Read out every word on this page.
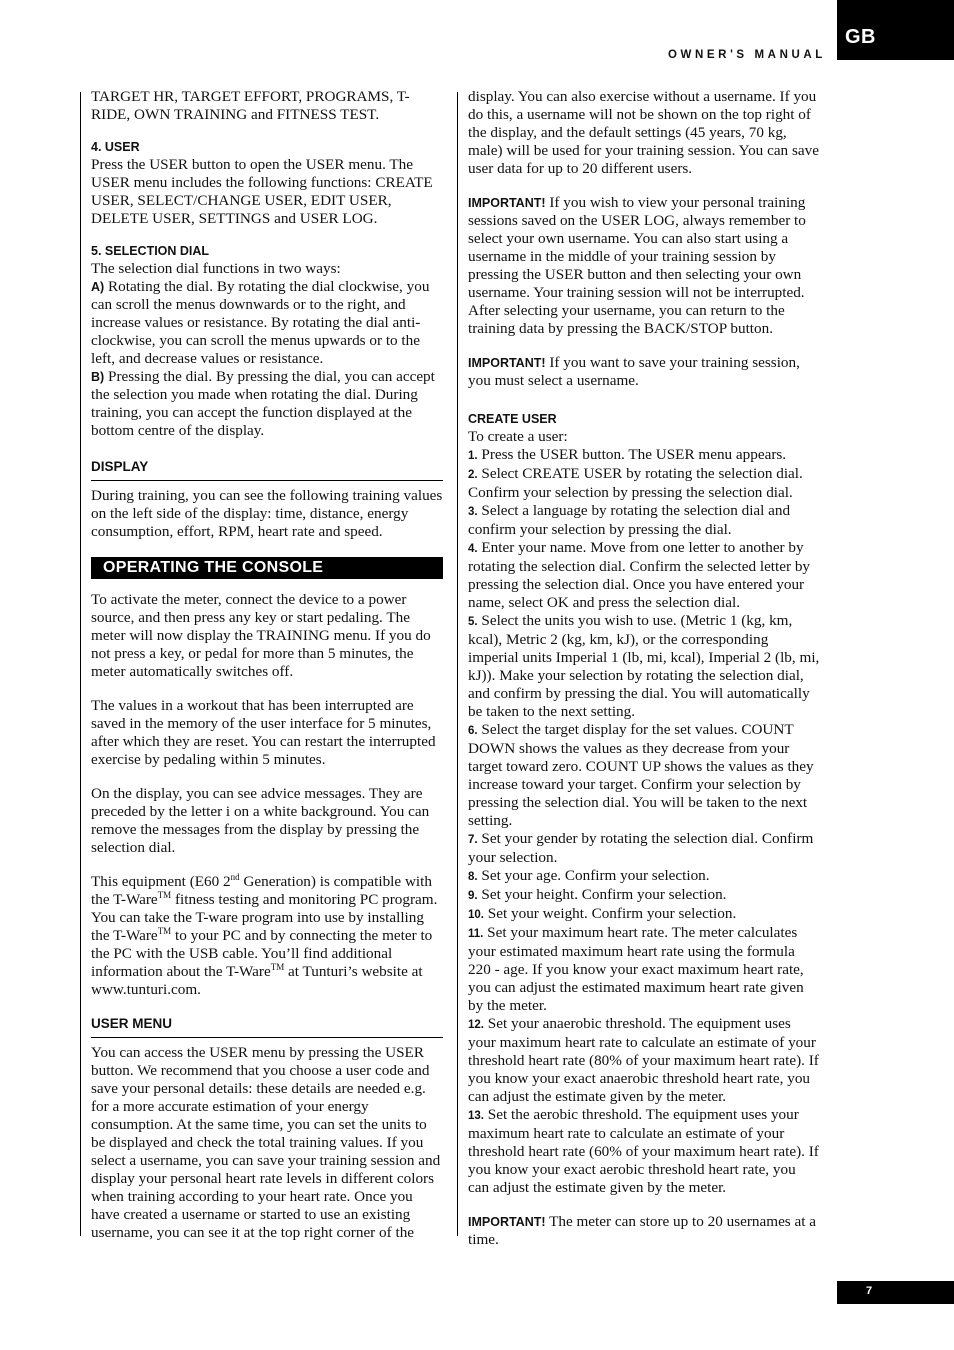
GB
OWNER'S MANUAL

TARGET HR, TARGET EFFORT, PROGRAMS, T-RIDE, OWN TRAINING and FITNESS TEST.

4. USER
Press the USER button to open the USER menu. The USER menu includes the following functions: CREATE USER, SELECT/CHANGE USER, EDIT USER, DELETE USER, SETTINGS and USER LOG.

5. SELECTION DIAL
The selection dial functions in two ways:
A) Rotating the dial. By rotating the dial clockwise, you can scroll the menus downwards or to the right, and increase values or resistance. By rotating the dial anti-clockwise, you can scroll the menus upwards or to the left, and decrease values or resistance.
B) Pressing the dial. By pressing the dial, you can accept the selection you made when rotating the dial. During training, you can accept the function displayed at the bottom centre of the display.

DISPLAY
During training, you can see the following training values on the left side of the display: time, distance, energy consumption, effort, RPM, heart rate and speed.

OPERATING THE CONSOLE
To activate the meter, connect the device to a power source, and then press any key or start pedaling. The meter will now display the TRAINING menu. If you do not press a key, or pedal for more than 5 minutes, the meter automatically switches off.

The values in a workout that has been interrupted are saved in the memory of the user interface for 5 minutes, after which they are reset. You can restart the interrupted exercise by pedaling within 5 minutes.

On the display, you can see advice messages. They are preceded by the letter i on a white background. You can remove the messages from the display by pressing the selection dial.

This equipment (E60 2nd Generation) is compatible with the T-Ware™ fitness testing and monitoring PC program. You can take the T-ware program into use by installing the T-Ware™ to your PC and by connecting the meter to the PC with the USB cable. You’ll find additional information about the T-Ware™ at Tunturi’s website at www.tunturi.com.

USER MENU
You can access the USER menu by pressing the USER button. We recommend that you choose a user code and save your personal details: these details are needed e.g. for a more accurate estimation of your energy consumption. At the same time, you can set the units to be displayed and check the total training values. If you select a username, you can save your training session and display your personal heart rate levels in different colors when training according to your heart rate. Once you have created a username or started to use an existing username, you can see it at the top right corner of the

display. You can also exercise without a username. If you do this, a username will not be shown on the top right of the display, and the default settings (45 years, 70 kg, male) will be used for your training session. You can save user data for up to 20 different users.

IMPORTANT! If you wish to view your personal training sessions saved on the USER LOG, always remember to select your own username. You can also start using a username in the middle of your training session by pressing the USER button and then selecting your own username. Your training session will not be interrupted. After selecting your username, you can return to the training data by pressing the BACK/STOP button.

IMPORTANT! If you want to save your training session, you must select a username.

CREATE USER
To create a user:

1. Press the USER button. The USER menu appears.

2. Select CREATE USER by rotating the selection dial. Confirm your selection by pressing the selection dial.

3. Select a language by rotating the selection dial and confirm your selection by pressing the dial.

4. Enter your name. Move from one letter to another by rotating the selection dial. Confirm the selected letter by pressing the selection dial. Once you have entered your name, select OK and press the selection dial.

5. Select the units you wish to use. (Metric 1 (kg, km, kcal), Metric 2 (kg, km, kJ), or the corresponding imperial units Imperial 1 (lb, mi, kcal), Imperial 2 (lb, mi, kJ)). Make your selection by rotating the selection dial, and confirm by pressing the dial. You will automatically be taken to the next setting.

6. Select the target display for the set values. COUNT DOWN shows the values as they decrease from your target toward zero. COUNT UP shows the values as they increase toward your target. Confirm your selection by pressing the selection dial. You will be taken to the next setting.

7. Set your gender by rotating the selection dial. Confirm your selection.

8. Set your age. Confirm your selection.

9. Set your height. Confirm your selection.

10. Set your weight. Confirm your selection.

11. Set your maximum heart rate. The meter calculates your estimated maximum heart rate using the formula 220 - age. If you know your exact maximum heart rate, you can adjust the estimated maximum heart rate given by the meter.

12. Set your anaerobic threshold. The equipment uses your maximum heart rate to calculate an estimate of your threshold heart rate (80% of your maximum heart rate). If you know your exact anaerobic threshold heart rate, you can adjust the estimate given by the meter.

13. Set the aerobic threshold. The equipment uses your maximum heart rate to calculate an estimate of your threshold heart rate (60% of your maximum heart rate). If you know your exact aerobic threshold heart rate, you can adjust the estimate given by the meter.

IMPORTANT! The meter can store up to 20 usernames at a time.

7
